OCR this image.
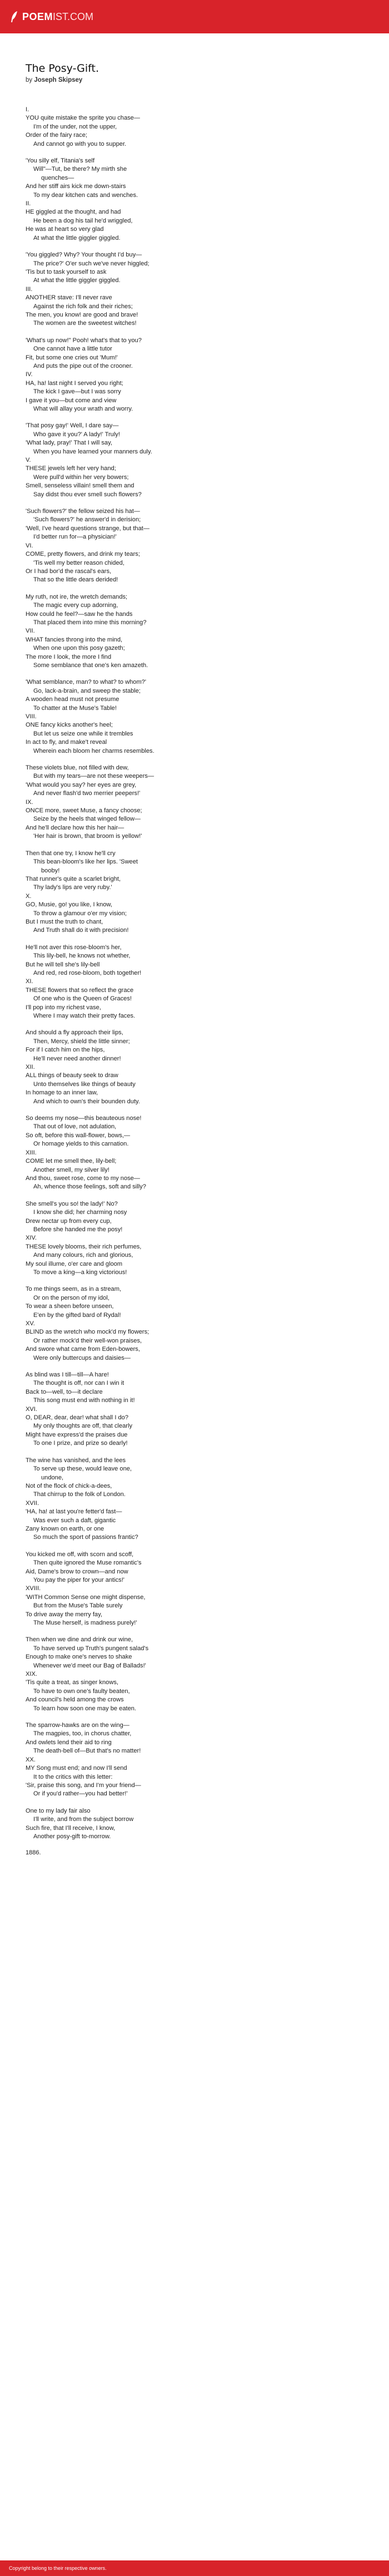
POEM IST.COM
The Posy-Gift.
by Joseph Skipsey
I.
YOU quite mistake the sprite you chase—
I'm of the under, not the upper,
Order of the fairy race;
And cannot go with you to supper.
'You silly elf, Titania's self
Will"—Tut, be there? My mirth she
quenches—
And her stiff airs kick me down-stairs
To my dear kitchen cats and wenches.
II.
HE giggled at the thought, and had
He been a dog his tail he'd wriggled,
He was at heart so very glad
At what the little giggler giggled.
'You giggled? Why? Your thought I'd buy—
The price?' O'er such we've never higgled;
'Tis but to task yourself to ask
At what the little giggler giggled.
III.
ANOTHER stave: I'll never rave
Against the rich folk and their riches;
The men, you know! are good and brave!
The women are the sweetest witches!
'What's up now!" Pooh! what's that to you?
One cannot have a little tutor
Fit, but some one cries out 'Mum!'
And puts the pipe out of the crooner.
IV.
HA, ha! last night I served you right;
The kick I gave—but I was sorry
I gave it you—but come and view
What will allay your wrath and worry.
'That posy gay!' Well, I dare say—
Who gave it you?' A lady!' Truly!
'What lady, pray!' That I will say,
When you have learned your manners duly.
V.
THESE jewels left her very hand;
Were pull'd within her very bowers;
Smell, senseless villain! smell them and
Say didst thou ever smell such flowers?
'Such flowers?' the fellow seized his hat—
'Such flowers?' he answer'd in derision;
'Well, I've heard questions strange, but that—
I'd better run for—a physician!'
VI.
COME, pretty flowers, and drink my tears;
'Tis well my better reason chided,
Or I had bor'd the rascal's ears,
That so the little dears derided!
My ruth, not ire, the wretch demands;
The magic every cup adorning,
How could he feel?—saw he the hands
That placed them into mine this morning?
VII.
WHAT fancies throng into the mind,
When one upon this posy gazeth;
The more I look, the more I find
Some semblance that one's ken amazeth.
'What semblance, man? to what? to whom?'
Go, lack-a-brain, and sweep the stable;
A wooden head must not presume
To chatter at the Muse's Table!
VIII.
ONE fancy kicks another's heel;
But let us seize one while it trembles
In act to fly, and make't reveal
Wherein each bloom her charms resembles.
These violets blue, not filled with dew,
But with my tears—are not these weepers—
'What would you say? her eyes are grey,
And never flash'd two merrier peepers!'
IX.
ONCE more, sweet Muse, a fancy choose;
Seize by the heels that winged fellow—
And he'll declare how this her hair—
'Her hair is brown, that broom is yellow!'
Then that one try, I know he'll cry
This bean-bloom's like her lips. 'Sweet
booby!
That runner's quite a scarlet bright,
Thy lady's lips are very ruby.'
X.
GO, Musie, go! you like, I know,
To throw a glamour o'er my vision;
But I must the truth to chant,
And Truth shall do it with precision!
He'll not aver this rose-bloom's her,
This lily-bell, he knows not whether,
But he will tell she's lily-bell
And red, red rose-bloom, both together!
XI.
THESE flowers that so reflect the grace
Of one who is the Queen of Graces!
I'll pop into my richest vase,
Where I may watch their pretty faces.
And should a fly approach their lips,
Then, Mercy, shield the little sinner;
For if I catch him on the hips,
He'll never need another dinner!
XII.
ALL things of beauty seek to draw
Unto themselves like things of beauty
In homage to an inner law,
And which to own's their bounden duty.
So deems my nose—this beauteous nose!
That out of love, not adulation,
So oft, before this wall-flower, bows,—
Or homage yields to this carnation.
XIII.
COME let me smell thee, lily-bell;
Another smell, my silver lily!
And thou, sweet rose, come to my nose—
Ah, whence those feelings, soft and silly?
She smell's you so! the lady!' No?
I know she did; her charming nosy
Drew nectar up from every cup,
Before she handed me the posy!
XIV.
THESE lovely blooms, their rich perfumes,
And many colours, rich and glorious,
My soul illume, o'er care and gloom
To move a king—a king victorious!
To me things seem, as in a stream,
Or on the person of my idol,
To wear a sheen before unseen,
E'en by the gifted bard of Rydal!
XV.
BLIND as the wretch who mock'd my flowers;
Or rather mock'd their well-won praises,
And swore what came from Eden-bowers,
Were only buttercups and daisies—
As blind was I till—till—A hare!
The thought is off, nor can I win it
Back to—well, to—it declare
This song must end with nothing in it!
XVI.
O, DEAR, dear, dear! what shall I do?
My only thoughts are off, that clearly
Might have express'd the praises due
To one I prize, and prize so dearly!
The wine has vanished, and the lees
To serve up these, would leave one,
undone,
Not of the flock of chick-a-dees,
That chirrup to the folk of London.
XVII.
'HA, ha! at last you're fetter'd fast—
Was ever such a daft, gigantic
Zany known on earth, or one
So much the sport of passions frantic?
You kicked me off, with scorn and scoff,
Then quite ignored the Muse romantic's
Aid, Dame's brow to crown—and now
You pay the piper for your antics!'
XVIII.
'WITH Common Sense one might dispense,
But from the Muse's Table surely
To drive away the merry fay,
The Muse herself, is madness purely!'
Then when we dine and drink our wine,
To have served up Truth's pungent salad's
Enough to make one's nerves to shake
Whenever we'd meet our Bag of Ballads!'
XIX.
'Tis quite a treat, as singer knows,
To have to own one's faulty beaten,
And council's held among the crows
To learn how soon one may be eaten.
The sparrow-hawks are on the wing—
The magpies, too, in chorus chatter,
And owlets lend their aid to ring
The death-bell of—But that's no matter!
XX.
MY Song must end; and now I'll send
It to the critics with this letter:
'Sir, praise this song, and I'm your friend—
Or if you'd rather—you had better!'
One to my lady fair also
I'll write, and from the subject borrow
Such fire, that I'll receive, I know,
Another posy-gift to-morrow.
1886.
Copyright belong to their respective owners.
